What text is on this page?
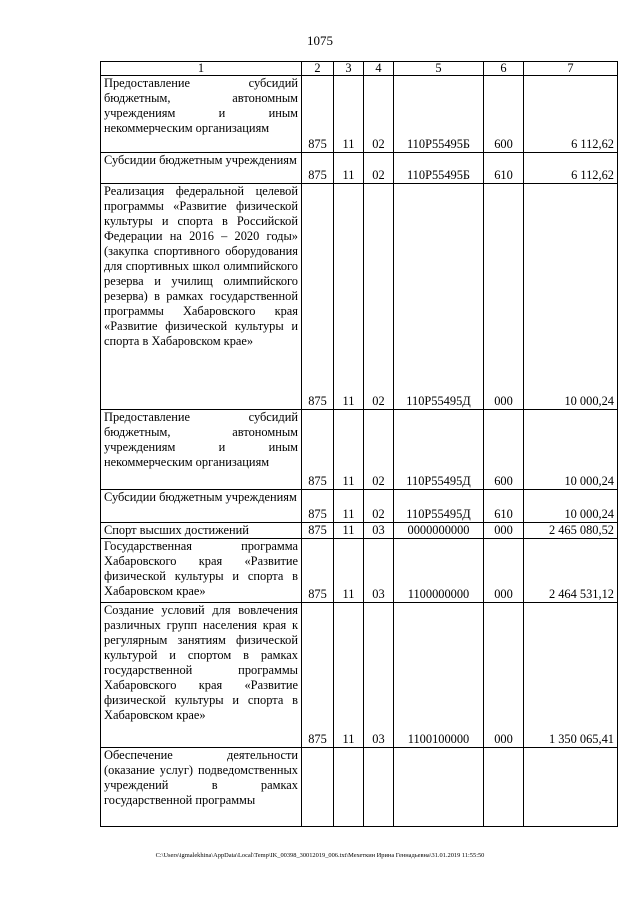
1075
1	2	3	4	5	6	7
Предоставление субсидий бюджетным, автономным учреждениям и иным некоммерческим организациям	875	11	02	110Р55495Б	600	6 112,62
Субсидии бюджетным учреждениям	875	11	02	110Р55495Б	610	6 112,62
Реализация федеральной целевой программы «Развитие физической культуры и спорта в Российской Федерации на 2016 – 2020 годы» (закупка спортивного оборудования для спортивных школ олимпийского резерва и училищ олимпийского резерва) в рамках государственной программы Хабаровского края «Развитие физической культуры и спорта в Хабаровском крае»	875	11	02	110Р55495Д	000	10 000,24
Предоставление субсидий бюджетным, автономным учреждениям и иным некоммерческим организациям	875	11	02	110Р55495Д	600	10 000,24
Субсидии бюджетным учреждениям	875	11	02	110Р55495Д	610	10 000,24
Спорт высших достижений	875	11	03	0000000000	000	2 465 080,52
Государственная программа Хабаровского края «Развитие физической культуры и спорта в Хабаровском крае»	875	11	03	1100000000	000	2 464 531,12
Создание условий для вовлечения различных групп населения края к регулярным занятиям физической культурой и спортом в рамках государственной программы Хабаровского края «Развитие физической культуры и спорта в Хабаровском крае»	875	11	03	1100100000	000	1 350 065,41
Обеспечение деятельности (оказание услуг) подведомственных учреждений в рамках государственной программы						
C:\Users\igmalekhina\AppData\Local\Temp\IK_00398_30012019_006.txt\Мехеткин Ирина Геннадьевна\31.01.2019 11:55:50
